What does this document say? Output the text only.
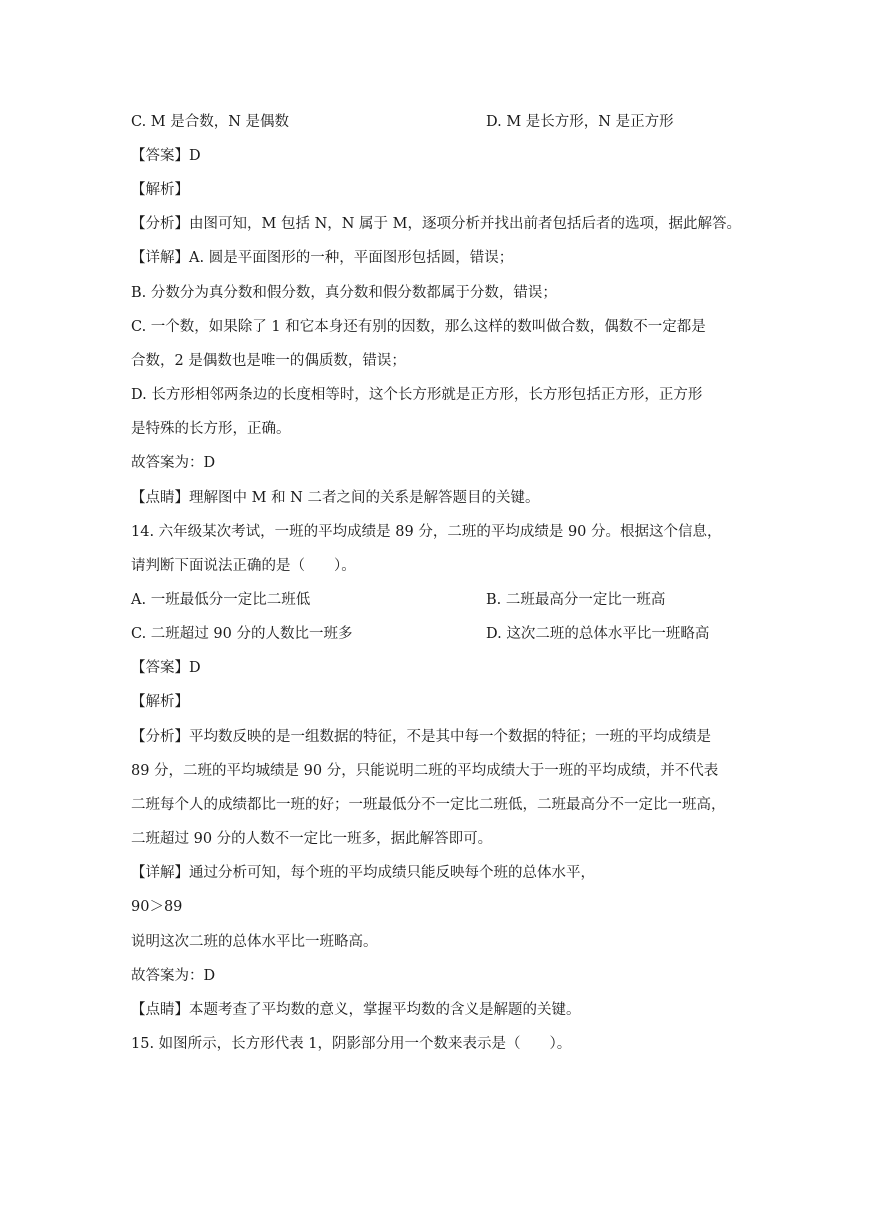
C. M 是合数，N 是偶数	D. M 是长方形，N 是正方形
【答案】D
【解析】
【分析】由图可知，M 包括 N，N 属于 M，逐项分析并找出前者包括后者的选项，据此解答。
【详解】A. 圆是平面图形的一种，平面图形包括圆，错误；
B. 分数分为真分数和假分数，真分数和假分数都属于分数，错误；
C. 一个数，如果除了 1 和它本身还有别的因数，那么这样的数叫做合数，偶数不一定都是
合数，2 是偶数也是唯一的偶质数，错误；
D. 长方形相邻两条边的长度相等时，这个长方形就是正方形，长方形包括正方形，正方形
是特殊的长方形，正确。
故答案为：D
【点睛】理解图中 M 和 N 二者之间的关系是解答题目的关键。
14. 六年级某次考试，一班的平均成绩是 89 分，二班的平均成绩是 90 分。根据这个信息，
请判断下面说法正确的是（　　）。
A. 一班最低分一定比二班低	B. 二班最高分一定比一班高
C. 二班超过 90 分的人数比一班多	D. 这次二班的总体水平比一班略高
【答案】D
【解析】
【分析】平均数反映的是一组数据的特征，不是其中每一个数据的特征；一班的平均成绩是
89 分，二班的平均城绩是 90 分，只能说明二班的平均成绩大于一班的平均成绩，并不代表
二班每个人的成绩都比一班的好；一班最低分不一定比二班低，二班最高分不一定比一班高，
二班超过 90 分的人数不一定比一班多，据此解答即可。
【详解】通过分析可知，每个班的平均成绩只能反映每个班的总体水平，
90＞89
说明这次二班的总体水平比一班略高。
故答案为：D
【点睛】本题考查了平均数的意义，掌握平均数的含义是解题的关键。
15. 如图所示，长方形代表 1，阴影部分用一个数来表示是（　　）。
